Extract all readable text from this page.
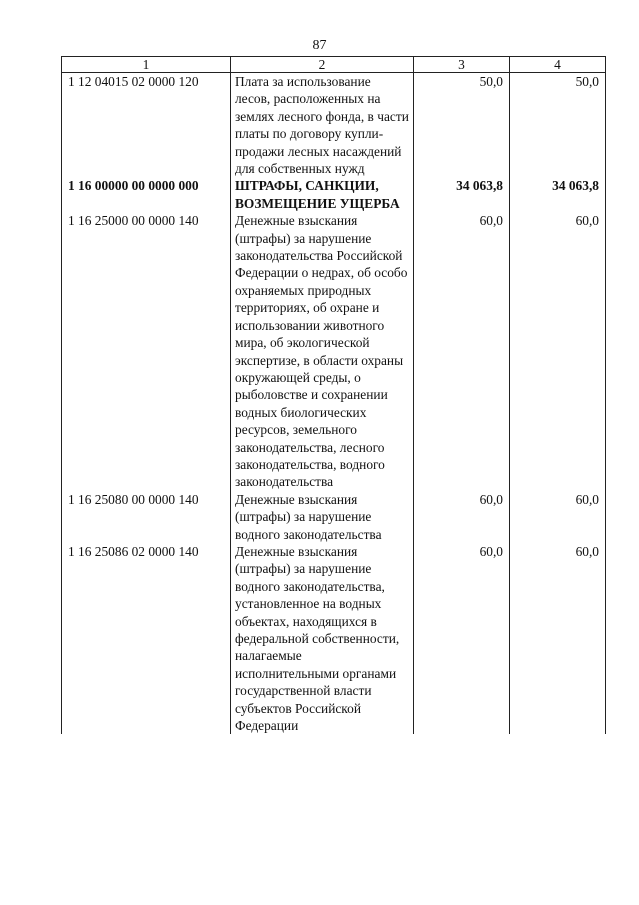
87
1	2	3	4
1 12 04015 02 0000 120	Плата за использование лесов, расположенных на землях лесного фонда, в части платы по договору купли-продажи лесных насаждений для собственных нужд	50,0	50,0
1 16 00000 00 0000 000	ШТРАФЫ, САНКЦИИ, ВОЗМЕЩЕНИЕ УЩЕРБА	34 063,8	34 063,8
1 16 25000 00 0000 140	Денежные взыскания (штрафы) за нарушение законодательства Российской Федерации о недрах, об особо охраняемых природных территориях, об охране и использовании животного мира, об экологической экспертизе, в области охраны окружающей среды, о рыболовстве и сохранении водных биологических ресурсов, земельного законодательства, лесного законодательства, водного законодательства	60,0	60,0
1 16 25080 00 0000 140	Денежные взыскания (штрафы) за нарушение водного законодательства	60,0	60,0
1 16 25086 02 0000 140	Денежные взыскания (штрафы) за нарушение водного законодательства, установленное на водных объектах, находящихся в федеральной собственности, налагаемые исполнительными органами государственной власти субъектов Российской Федерации	60,0	60,0
